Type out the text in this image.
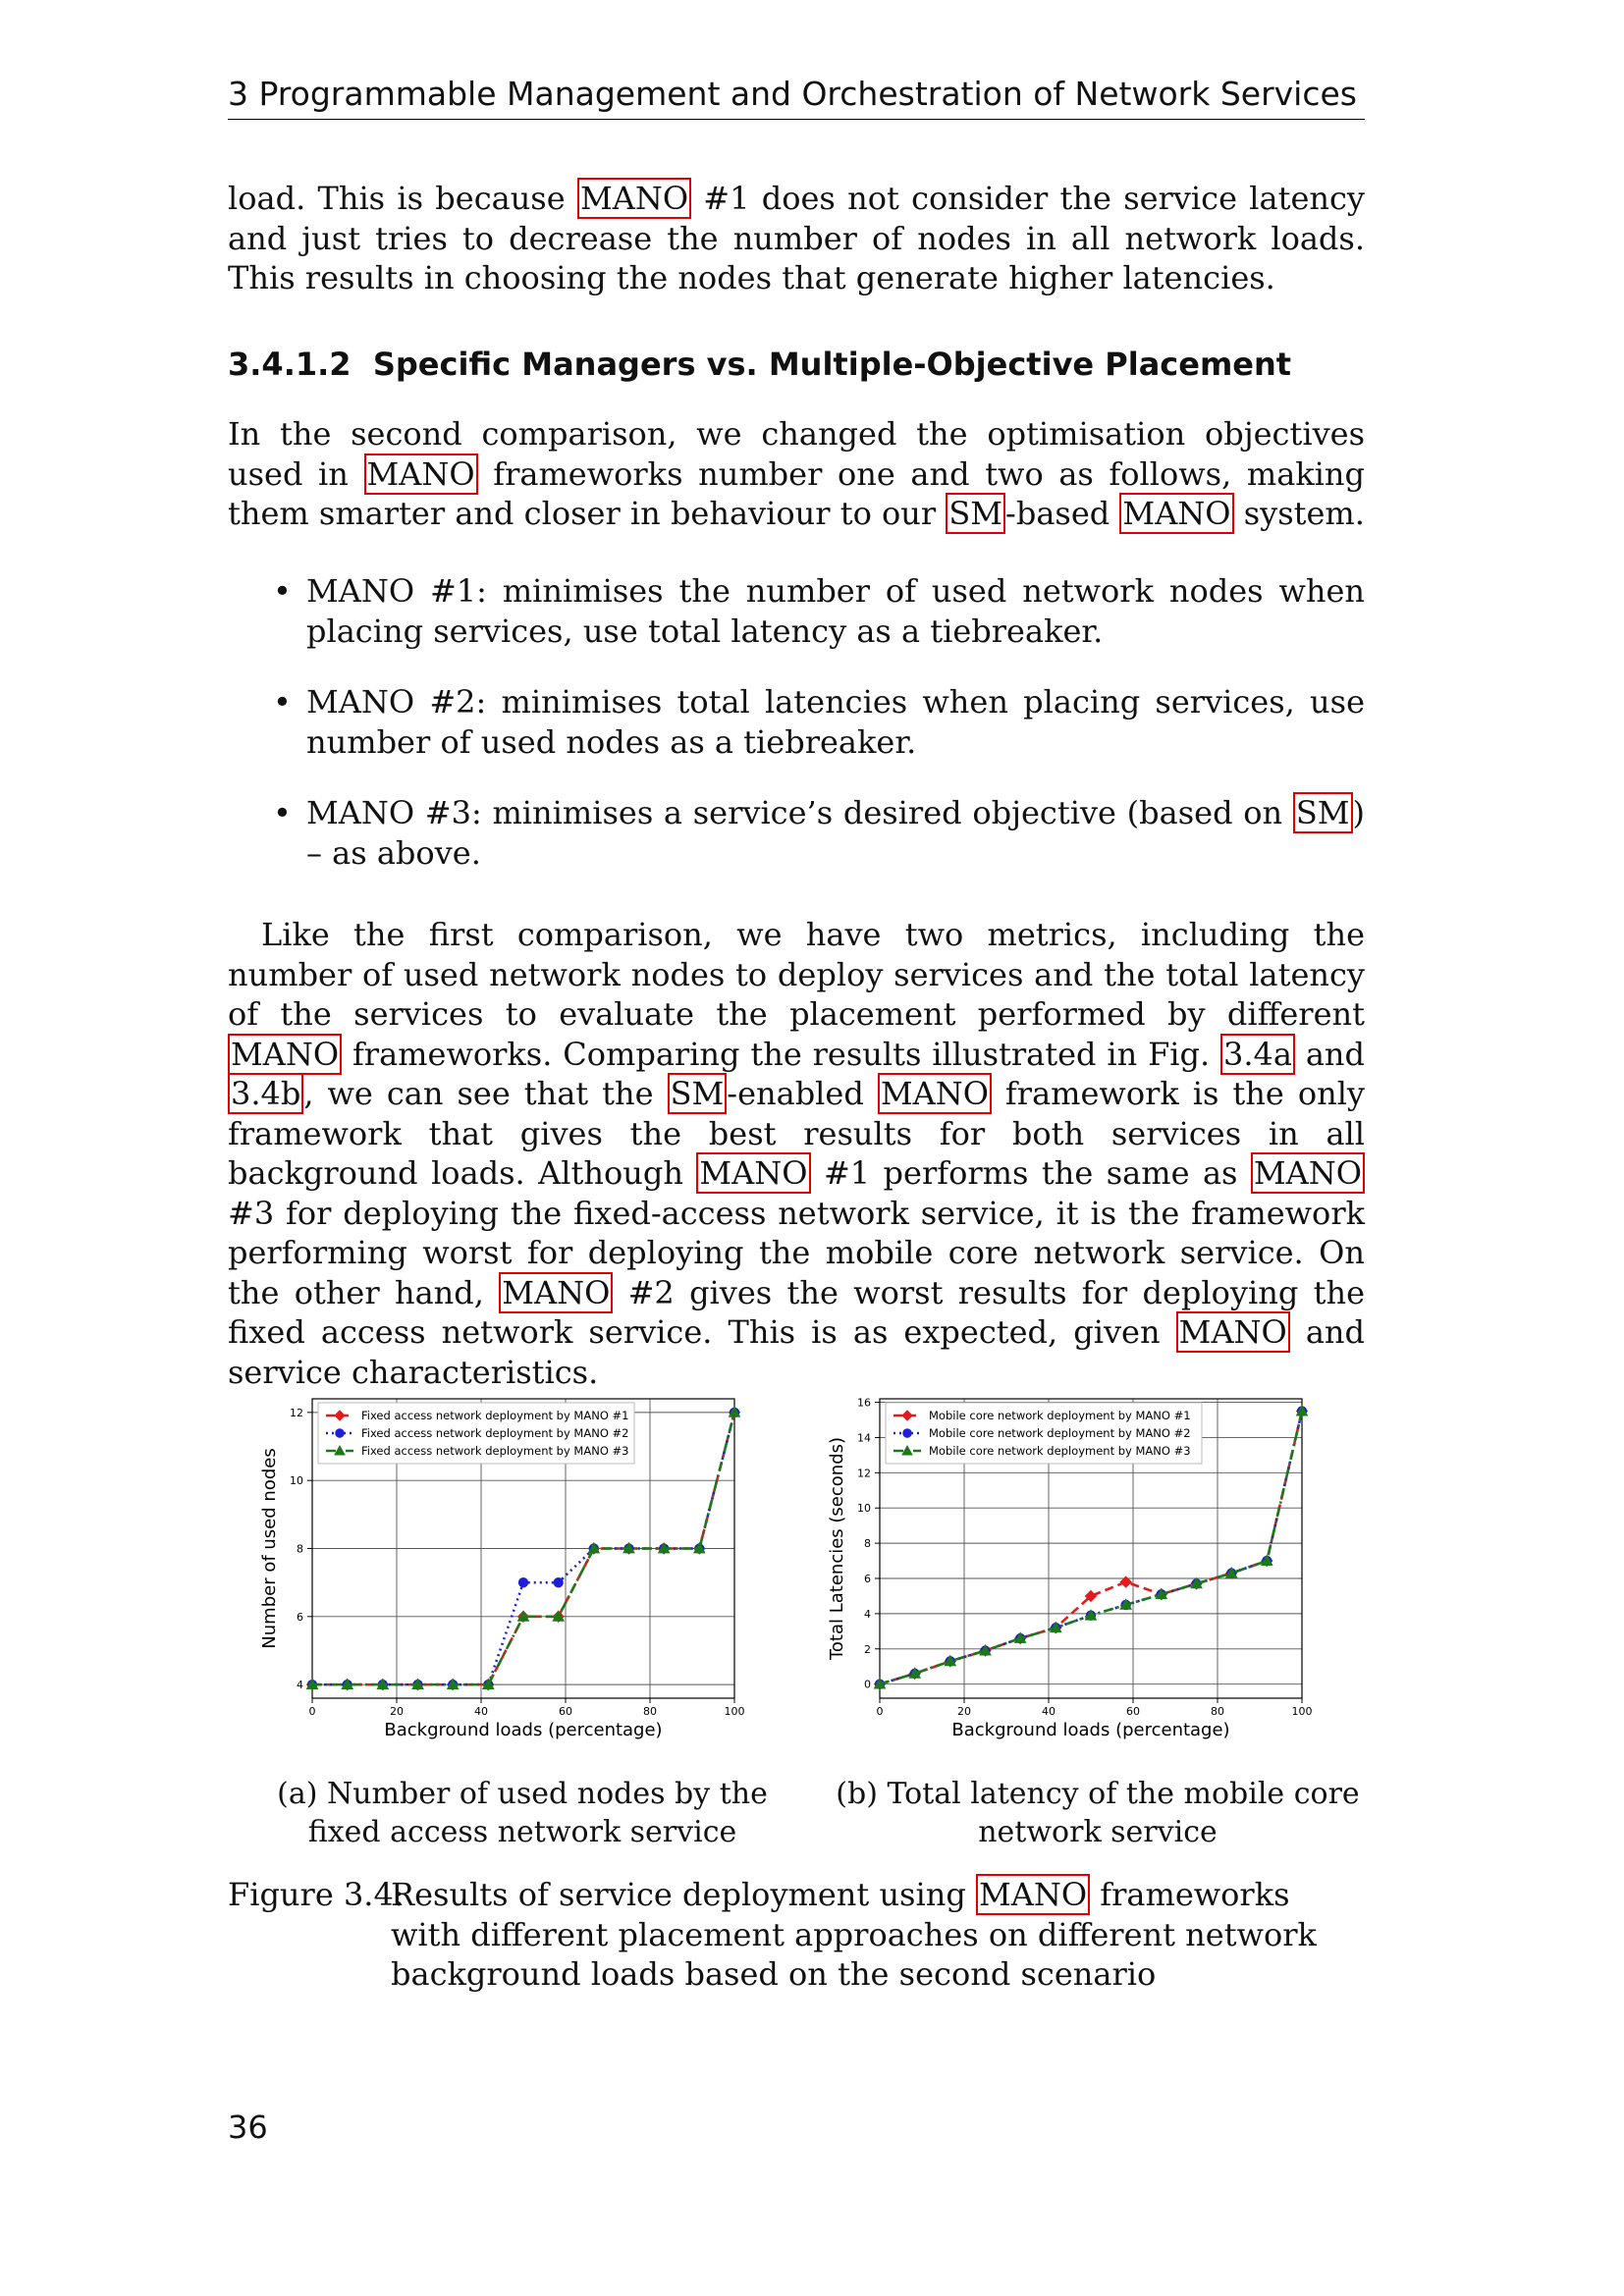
3 Programmable Management and Orchestration of Network Services

load. This is because MANO #1 does not consider the service latency and just tries to decrease the number of nodes in all network loads. This results in choosing the nodes that generate higher latencies.

3.4.1.2 Specific Managers vs. Multiple-Objective Placement

In the second comparison, we changed the optimisation objectives used in MANO frameworks number one and two as follows, making them smarter and closer in behaviour to our SM-based MANO system.

• MANO #1: minimises the number of used network nodes when placing services, use total latency as a tiebreaker.
• MANO #2: minimises total latencies when placing services, use number of used nodes as a tiebreaker.
• MANO #3: minimises a service’s desired objective (based on SM) – as above.

Like the first comparison, we have two metrics, including the number of used network nodes to deploy services and the total latency of the services to evaluate the placement performed by different MANO frameworks. Comparing the results illustrated in Fig. 3.4a and 3.4b, we can see that the SM-enabled MANO framework is the only framework that gives the best results for both services in all background loads. Although MANO #1 performs the same as MANO #3 for deploying the fixed-access network service, it is the framework performing worst for deploying the mobile core network service. On the other hand, MANO #2 gives the worst results for deploying the fixed access network service. This is as expected, given MANO and service characteristics.

0	20	40	60	80	100
4
6
8
10
12
Background loads (percentage)
Number of used nodes
Fixed access network deployment by MANO #1
Fixed access network deployment by MANO #2
Fixed access network deployment by MANO #3
0	20	40	60	80	100
0
2
4
6
8
10
12
14
16
Background loads (percentage)
Total Latencies (seconds)
Mobile core network deployment by MANO #1
Mobile core network deployment by MANO #2
Mobile core network deployment by MANO #3
(a) Number of used nodes by the fixed access network service
(b) Total latency of the mobile core network service
Figure 3.4:
Results of service deployment using MANO frameworks with different placement approaches on different network background loads based on the second scenario
36
